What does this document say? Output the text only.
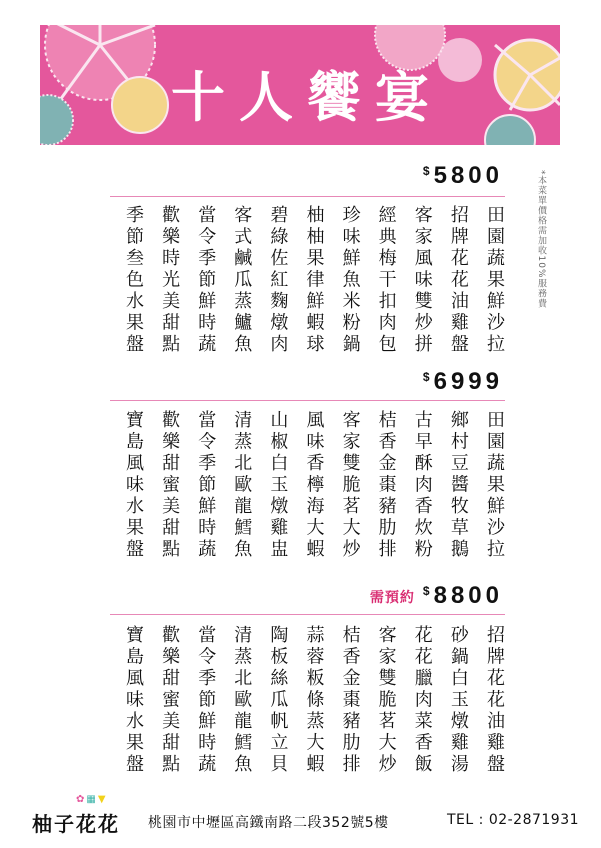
十人饗宴
*本菜單價格需加收10%服務費
$ 5800
田園蔬果鮮沙拉
招牌花花油雞盤
客家風味雙炒拼
經典梅干扣肉包
珍味鮮魚米粉鍋
柚柚果律鮮蝦球
碧綠佐紅麴燉肉
客式鹹瓜蒸鱸魚
當令季節鮮時蔬
歡樂時光美甜點
季節叁色水果盤
$ 6999
田園蔬果鮮沙拉
鄉村豆醬牧草鵝
古早酥肉香炊粉
桔香金棗豬肋排
客家雙脆茗大炒
風味香檸海大蝦
山椒白玉燉雞盅
清蒸北歐龍鱈魚
當令季節鮮時蔬
歡樂甜蜜美甜點
寶島風味水果盤
需預約 $ 8800
招牌花花油雞盤
砂鍋白玉燉雞湯
花花臘肉菜香飯
客家雙脆茗大炒
桔香金棗豬肋排
蒜蓉粄條蒸大蝦
陶板絲瓜帆立貝
清蒸北歐龍鱈魚
當令季節鮮時蔬
歡樂甜蜜美甜點
寶島風味水果盤
✿▦▼
柚子花花 桃園市中壢區高鐵南路二段352號5樓	TEL : 02-2871931
